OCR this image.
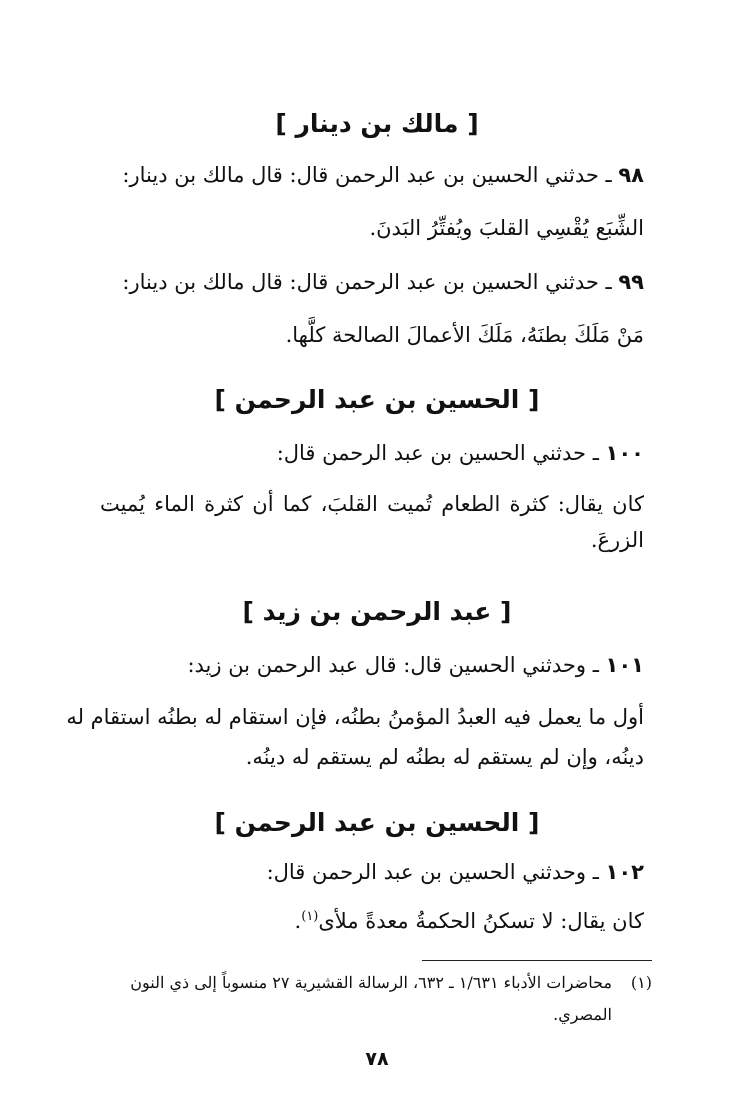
[ مالك بن دينار ]
٩٨ ـ حدثني الحسين بن عبد الرحمن قال: قال مالك بن دينار:
الشِّبَع يُقْسِي القلبَ ويُفتِّرُ البَدنَ.
٩٩ ـ حدثني الحسين بن عبد الرحمن قال: قال مالك بن دينار:
مَنْ مَلَكَ بطنَهُ، مَلَكَ الأعمالَ الصالحة كلَّها.
[ الحسين بن عبد الرحمن ]
١٠٠ ـ حدثني الحسين بن عبد الرحمن قال:
كان يقال: كثرة الطعام تُميت القلبَ، كما أن كثرة الماء يُميت
الزرعَ.
[ عبد الرحمن بن زيد ]
١٠١ ـ وحدثني الحسين قال: قال عبد الرحمن بن زيد:
أول ما يعمل فيه العبدُ المؤمنُ بطنُه، فإن استقام له بطنُه استقام له
دينُه، وإن لم يستقم له بطنُه لم يستقم له دينُه.
[ الحسين بن عبد الرحمن ]
١٠٢ ـ وحدثني الحسين بن عبد الرحمن قال:
كان يقال: لا تسكنُ الحكمةُ معدةً ملأى$^{(١)}$.
(١)محاضرات الأدباء ١/٦٣١ ـ ٦٣٢، الرسالة القشيرية ٢٧ منسوباً إلى ذي النون
المصري.
٧٨
